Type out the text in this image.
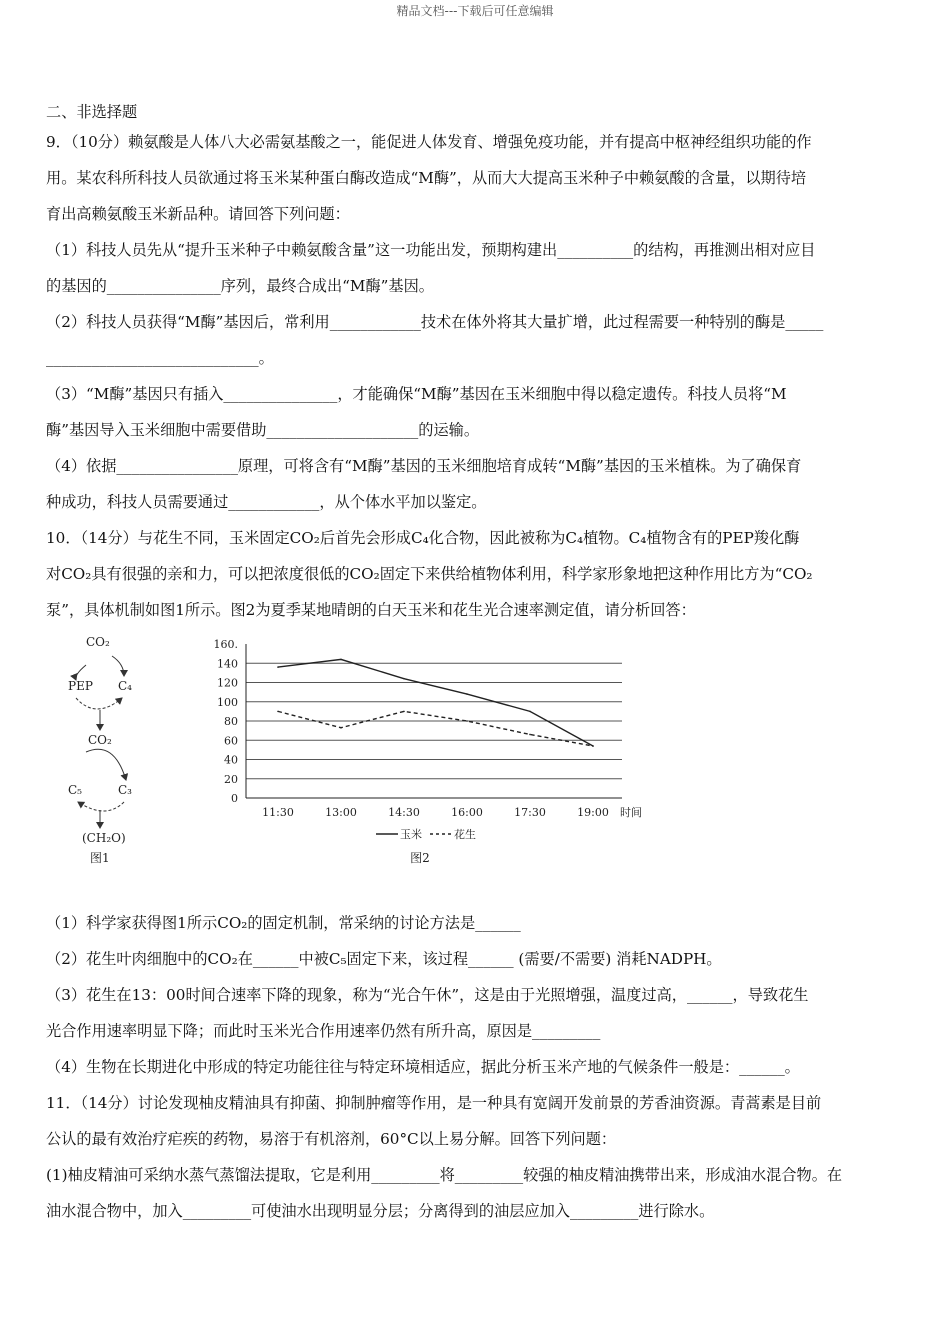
精品文档---下载后可任意编辑
二、非选择题
9．（10分）赖氨酸是人体八大必需氨基酸之一，能促进人体发育、增强免疫功能，并有提高中枢神经组织功能的作
用。某农科所科技人员欲通过将玉米某种蛋白酶改造成“M酶”，从而大大提高玉米种子中赖氨酸的含量，以期待培
育出高赖氨酸玉米新品种。请回答下列问题：
（1）科技人员先从“提升玉米种子中赖氨酸含量”这一功能出发，预期构建出__________的结构，再推测出相对应目
的基因的_______________序列，最终合成出“M酶”基因。
（2）科技人员获得“M酶”基因后，常利用____________技术在体外将其大量扩增，此过程需要一种特别的酶是_____
____________________________。
（3）“M酶”基因只有插入_______________，才能确保“M酶”基因在玉米细胞中得以稳定遗传。科技人员将“M
酶”基因导入玉米细胞中需要借助____________________的运输。
（4）依据________________原理，可将含有“M酶”基因的玉米细胞培育成转“M酶”基因的玉米植株。为了确保育
种成功，科技人员需要通过____________，从个体水平加以鉴定。
10．（14分）与花生不同，玉米固定CO₂后首先会形成C₄化合物，因此被称为C₄植物。C₄植物含有的PEP羧化酶
对CO₂具有很强的亲和力，可以把浓度很低的CO₂固定下来供给植物体利用，科学家形象地把这种作用比方为“CO₂
泵”，具体机制如图1所示。图2为夏季某地晴朗的白天玉米和花生光合速率测定值，请分析回答：
CO₂
PEP C₄
CO₂
C₅	C₃
(CH₂O)
图1
0
20
40
60
80
100
120
140
160.
11:30	13:00	14:30	16:00	17:30	19:00 时间
玉米	花生
图2
（1）科学家获得图1所示CO₂的固定机制，常采纳的讨论方法是______
（2）花生叶肉细胞中的CO₂在______中被C₅固定下来，该过程______ (需要/不需要) 消耗NADPH。
（3）花生在13：00时间合速率下降的现象，称为“光合午休”，这是由于光照增强，温度过高，______，导致花生
光合作用速率明显下降；而此时玉米光合作用速率仍然有所升高，原因是_________
（4）生物在长期进化中形成的特定功能往往与特定环境相适应，据此分析玉米产地的气候条件一般是：______。
11．（14分）讨论发现柚皮精油具有抑菌、抑制肿瘤等作用，是一种具有宽阔开发前景的芳香油资源。青蒿素是目前
公认的最有效治疗疟疾的药物，易溶于有机溶剂，60°C以上易分解。回答下列问题：
(1)柚皮精油可采纳水蒸气蒸馏法提取，它是利用_________将_________较强的柚皮精油携带出来，形成油水混合物。在
油水混合物中，加入_________可使油水出现明显分层；分离得到的油层应加入_________进行除水。
